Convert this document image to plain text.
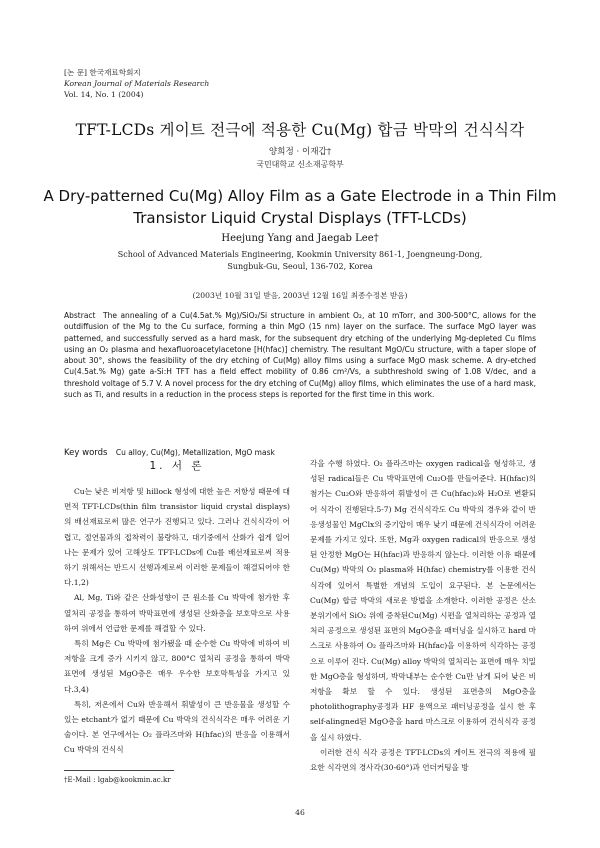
[논 문] 한국재료학회지
Korean Journal of Materials Research
Vol. 14, No. 1 (2004)
TFT-LCDs 게이트 전극에 적용한 Cu(Mg) 합금 박막의 건식식각
양희정 · 이재갑†
국민대학교 신소재공학부
A Dry-patterned Cu(Mg) Alloy Film as a Gate Electrode in a Thin Film Transistor Liquid Crystal Displays (TFT-LCDs)
Heejung Yang and Jaegab Lee†
School of Advanced Materials Engineering, Kookmin University 861-1, Joengneung-Dong, Sungbuk-Gu, Seoul, 136-702, Korea
(2003년 10월 31일 받음, 2003년 12월 16일 최종수정본 받음)
Abstract The annealing of a Cu(4.5at.% Mg)/SiO₂/Si structure in ambient O₂, at 10 mTorr, and 300-500°C, allows for the outdiffusion of the Mg to the Cu surface, forming a thin MgO (15 nm) layer on the surface. The surface MgO layer was patterned, and successfully served as a hard mask, for the subsequent dry etching of the underlying Mg-depleted Cu films using an O₂ plasma and hexafluoroacetylacetone [H(hfac)] chemistry. The resultant MgO/Cu structure, with a taper slope of about 30°, shows the feasibility of the dry etching of Cu(Mg) alloy films using a surface MgO mask scheme. A dry-etched Cu(4.5at.% Mg) gate a-Si:H TFT has a field effect mobility of 0.86 cm²/Vs, a subthreshold swing of 1.08 V/dec, and a threshold voltage of 5.7 V. A novel process for the dry etching of Cu(Mg) alloy films, which eliminates the use of a hard mask, such as Ti, and results in a reduction in the process steps is reported for the first time in this work.
Key words Cu alloy, Cu(Mg), Metallization, MgO mask
1. 서 론

Cu는 낮은 비저항 및 hillock 형성에 대한 높은 저항성 때문에 대면적 TFT-LCDs(thin film transistor liquid crystal displays)의 배선재료로써 많은 연구가 진행되고 있다. 그러나 건식식각이 어렵고, 절연물과의 접착력이 불량하고, 대기중에서 산화가 쉽게 일어나는 문제가 있어 고해상도 TFT-LCDs에 Cu를 배선재료로써 적용 하기 위해서는 반드시 선행과제로써 이러한 문제들이 해결되어야 한다.1,2)

Al, Mg, Ti와 같은 산화성향이 큰 원소를 Cu 박막에 첨가한 후 열처리 공정을 통하여 박막표면에 생성된 산화층을 보호막으로 사용하여 위에서 언급한 문제를 해결할 수 있다.

특히 Mg은 Cu 박막에 첨가됐을 때 순수한 Cu 박막에 비하여 비저항을 크게 증가 시키지 않고, 800°C 열처리 공정을 통하여 박막 표면에 생성된 MgO층은 매우 우수한 보호막특성을 가지고 있다.3,4)

특히, 저온에서 Cu와 반응해서 휘발성이 큰 반응물을 생성할 수 있는 etchant가 없기 때문에 Cu 박막의 건식식각은 매우 어려운 기술이다. 본 연구에서는 O₂ 플라즈마와 H(hfac)의 반응을 이용해서 Cu 박막의 건식식

각을 수행 하였다. O₂ 플라즈마는 oxygen radical을 형성하고, 생성된 radical들은 Cu 박막표면에 Cu₂O를 만들어준다. H(hfac)의 첨가는 Cu₂O와 반응하여 휘발성이 큰 Cu(hfac)₂와 H₂O로 변환되어 식각이 진행된다.5-7) Mg 건식식각도 Cu 박막의 경우와 같이 반응생성물인 MgClx의 증기압이 매우 낮기 때문에 건식식각이 어려운 문제를 가지고 있다. 또한, Mg과 oxygen radical의 반응으로 생성된 안정한 MgO는 H(hfac)과 반응하지 않는다. 이러한 이유 때문에 Cu(Mg) 박막의 O₂ plasma와 H(hfac) chemistry를 이용한 건식식각에 있어서 특별한 개념의 도입이 요구된다. 본 논문에서는 Cu(Mg) 합금 박막의 새로운 방법을 소개한다. 이러한 공정은 산소 분위기에서 SiO₂ 위에 증착된Cu(Mg) 시편을 열처리하는 공정과 열처리 공정으로 생성된 표면의 MgO층을 패터닝을 실시하고 hard 마스크로 사용하여 O₂ 플라즈마와 H(hfac)을 이용하여 식각하는 공정으로 이루어 진다. Cu(Mg) alloy 박막의 열처리는 표면에 매우 치밀한 MgO층을 형성하며, 박막내부는 순수한 Cu만 남게 되어 낮은 비저항을 확보 할 수 있다. 생성된 표면층의 MgO층을 photolithography공정과 HF 용액으로 패터닝공정을 실시 한 후 self-alingned된 MgO층을 hard 마스크로 이용하여 건식식각 공정을 실시 하였다.

이러한 건식 식각 공정은 TFT-LCDs의 게이트 전극의 적용에 필요한 식각면의 경사각(30-60°)과 언더커팅을 방

†E-Mail : lgab@kookmin.ac.kr
46
